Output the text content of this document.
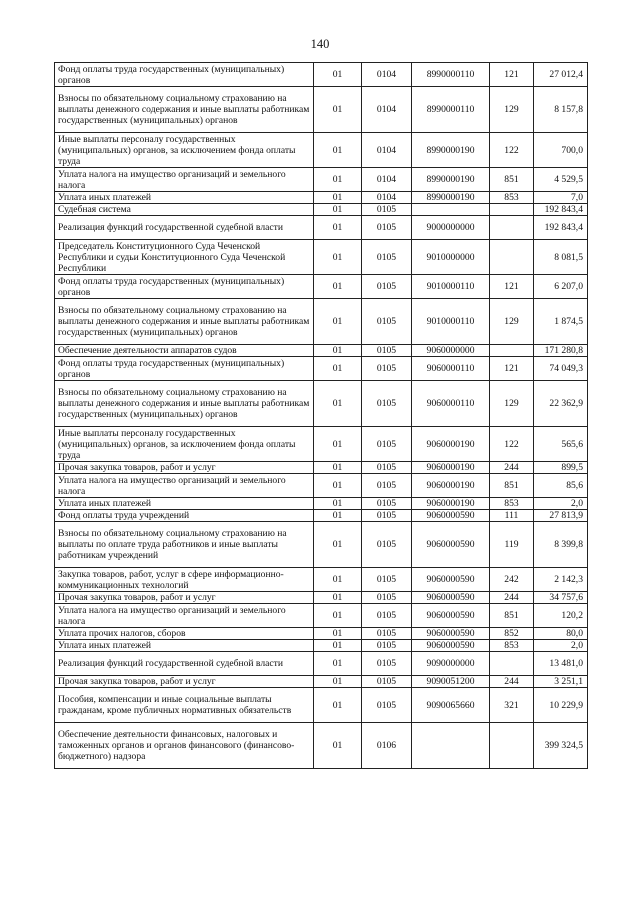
140
Фонд оплаты труда государственных (муниципальных) органов	01	0104	8990000110	121	27 012,4
Взносы по обязательному социальному страхованию на выплаты денежного содержания и иные выплаты работникам государственных (муниципальных) органов	01	0104	8990000110	129	8 157,8
Иные выплаты персоналу государственных (муниципальных) органов, за исключением фонда оплаты труда	01	0104	8990000190	122	700,0
Уплата налога на имущество организаций и земельного налога	01	0104	8990000190	851	4 529,5
Уплата иных платежей	01	0104	8990000190	853	7,0
Судебная система	01	0105			192 843,4
Реализация функций государственной судебной власти	01	0105	9000000000		192 843,4
Председатель Конституционного Суда Чеченской Республики и судьи Конституционного Суда Чеченской Республики	01	0105	9010000000		8 081,5
Фонд оплаты труда государственных (муниципальных) органов	01	0105	9010000110	121	6 207,0
Взносы по обязательному социальному страхованию на выплаты денежного содержания и иные выплаты работникам государственных (муниципальных) органов	01	0105	9010000110	129	1 874,5
Обеспечение деятельности аппаратов судов	01	0105	9060000000		171 280,8
Фонд оплаты труда государственных (муниципальных) органов	01	0105	9060000110	121	74 049,3
Взносы по обязательному социальному страхованию на выплаты денежного содержания и иные выплаты работникам государственных (муниципальных) органов	01	0105	9060000110	129	22 362,9
Иные выплаты персоналу государственных (муниципальных) органов, за исключением фонда оплаты труда	01	0105	9060000190	122	565,6
Прочая закупка товаров, работ и услуг	01	0105	9060000190	244	899,5
Уплата налога на имущество организаций и земельного налога	01	0105	9060000190	851	85,6
Уплата иных платежей	01	0105	9060000190	853	2,0
Фонд оплаты труда учреждений	01	0105	9060000590	111	27 813,9
Взносы по обязательному социальному страхованию на выплаты по оплате труда работников и иные выплаты работникам учреждений	01	0105	9060000590	119	8 399,8
Закупка товаров, работ, услуг в сфере информационно-коммуникационных технологий	01	0105	9060000590	242	2 142,3
Прочая закупка товаров, работ и услуг	01	0105	9060000590	244	34 757,6
Уплата налога на имущество организаций и земельного налога	01	0105	9060000590	851	120,2
Уплата прочих налогов, сборов	01	0105	9060000590	852	80,0
Уплата иных платежей	01	0105	9060000590	853	2,0
Реализация функций государственной судебной власти	01	0105	9090000000		13 481,0
Прочая закупка товаров, работ и услуг	01	0105	9090051200	244	3 251,1
Пособия, компенсации и иные социальные выплаты гражданам, кроме публичных нормативных обязательств	01	0105	9090065660	321	10 229,9
Обеспечение деятельности финансовых, налоговых и таможенных органов и органов финансового (финансово-бюджетного) надзора	01	0106			399 324,5
